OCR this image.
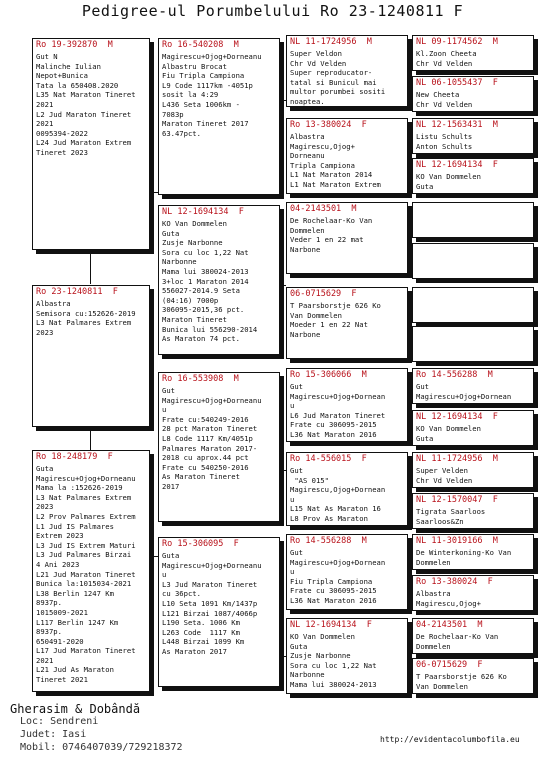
Pedigree-ul Porumbelului Ro 23-1240811 F
Ro 23-1240811  F
Albastra
Semisora cu:152626-2019
L3 Nat Palmares Extrem
2023
Ro 19-392870  M
Gut N
Malinche Iulian
Nepot+Bunica
Tata la 650408.2020
L35 Nat Maraton Tineret
2021
L2 Jud Maraton Tineret
2021
0095394-2022
L24 Jud Maraton Extrem
Tineret 2023
Ro 18-248179  F
Guta
Magirescu+Ojog+Dorneanu
Mama la :152626-2019
L3 Nat Palmares Extrem
2023
L2 Prov Palmares Extrem
L1 Jud IS Palmares
Extrem 2023
L3 Jud IS Extrem Maturi
L3 Jud Palmares Birzai
4 Ani 2023
L21 Jud Maraton Tineret
Bunica la:1015034-2021
L38 Berlin 1247 Km
8937p.
1015009-2021
L117 Berlin 1247 Km
8937p.
650491-2020
L17 Jud Maraton Tineret
2021
L21 Jud As Maraton
Tineret 2021
Ro 16-540208  M
Magirescu+Ojog+Dorneanu
Albastru Brocat
Fiu Tripla Campiona
L9 Code 1117km -4051p
sosit la 4:29
L436 Seta 1006km -
7083p
Maraton Tineret 2017
63.47pct.
NL 12-1694134  F
KO Van Dommelen
Guta
Zusje Narbonne
Sora cu loc 1,22 Nat
Narbonne
Mama lui 380024-2013
3+loc 1 Maraton 2014
556027-2014.9 Seta
(04:16) 7000p
306095-2015,36 pct.
Maraton Tineret
Bunica lui 556290-2014
As Maraton 74 pct.
Ro 16-553908  M
Gut
Magirescu+Ojog+Dorneanu
u
Frate cu:540249-2016
28 pct Maraton Tineret
L8 Code 1117 Km/4051p
Palmares Maraton 2017-
2018 cu aprox.44 pct
Frate cu 540250-2016
As Maraton Tineret
2017
Ro 15-306095  F
Guta
Magirescu+Ojog+Dorneanu
u
L3 Jud Maraton Tineret
cu 36pct.
L10 Seta 1091 Km/1437p
L121 Birzai 1087/4066p
L190 Seta. 1006 Km
L263 Code  1117 Km
L448 Birzai 1099 Km
As Maraton 2017
NL 11-1724956  M
Super Veldon
Chr Vd Velden
Super reproducator-
tatal si Bunicul mai
multor porumbei sositi
noaptea.
Ro 13-380024  F
Albastra
Magirescu,Ojog+
Dorneanu
Tripla Campiona
L1 Nat Maraton 2014
L1 Nat Maraton Extrem
04-2143501  M
De Rochelaar-Ko Van
Dommelen
Veder 1 en 22 mat
Narbone
06-0715629  F
T Paarsborstje 626 Ko
Van Dommelen
Moeder 1 en 22 Nat
Narbone
Ro 15-306066  M
Gut
Magirescu+Ojog+Dornean
u
L6 Jud Maraton Tineret
Frate cu 306095-2015
L36 Nat Maraton 2016
Ro 14-556015  F
Gut
"AS 015"
Magirescu,Ojog+Dornean
u
L15 Nat As Maraton 16
L8 Prov As Maraton
Ro 14-556288  M
Gut
Magirescu+Ojog+Dornean
u
Fiu Tripla Campiona
Frate cu 306095-2015
L36 Nat Maraton 2016
NL 12-1694134  F
KO Van Dommelen
Guta
Zusje Narbonne
Sora cu loc 1,22 Nat
Narbonne
Mama lui 380024-2013
NL 09-1174562  M
Kl.Zoon Cheeta
Chr Vd Velden
NL 06-1055437  F
New Cheeta
Chr Vd Velden
NL 12-1563431  M
Listu Schults
Anton Schults
NL 12-1694134  F
KO Van Dommelen
Guta
Ro 14-556288  M
Gut
Magirescu+Ojog+Dornean
NL 12-1694134  F
KO Van Dommelen
Guta
NL 11-1724956  M
Super Velden
Chr Vd Velden
NL 12-1570047  F
Tigrata Saarloos
Saarloos&Zn
NL 11-3019166  M
De Winterkoning-Ko Van
Dommelen
Ro 13-380024  F
Albastra
Magirescu,Ojog+
04-2143501  M
De Rochelaar-Ko Van
Dommelen
06-0715629  F
T Paarsborstje 626 Ko
Van Dommelen
Gherasim & Dobândă
Loc: Sendreni
Judet: Iasi
Mobil: 0746407039/729218372
http://evidentacolumbofila.eu
